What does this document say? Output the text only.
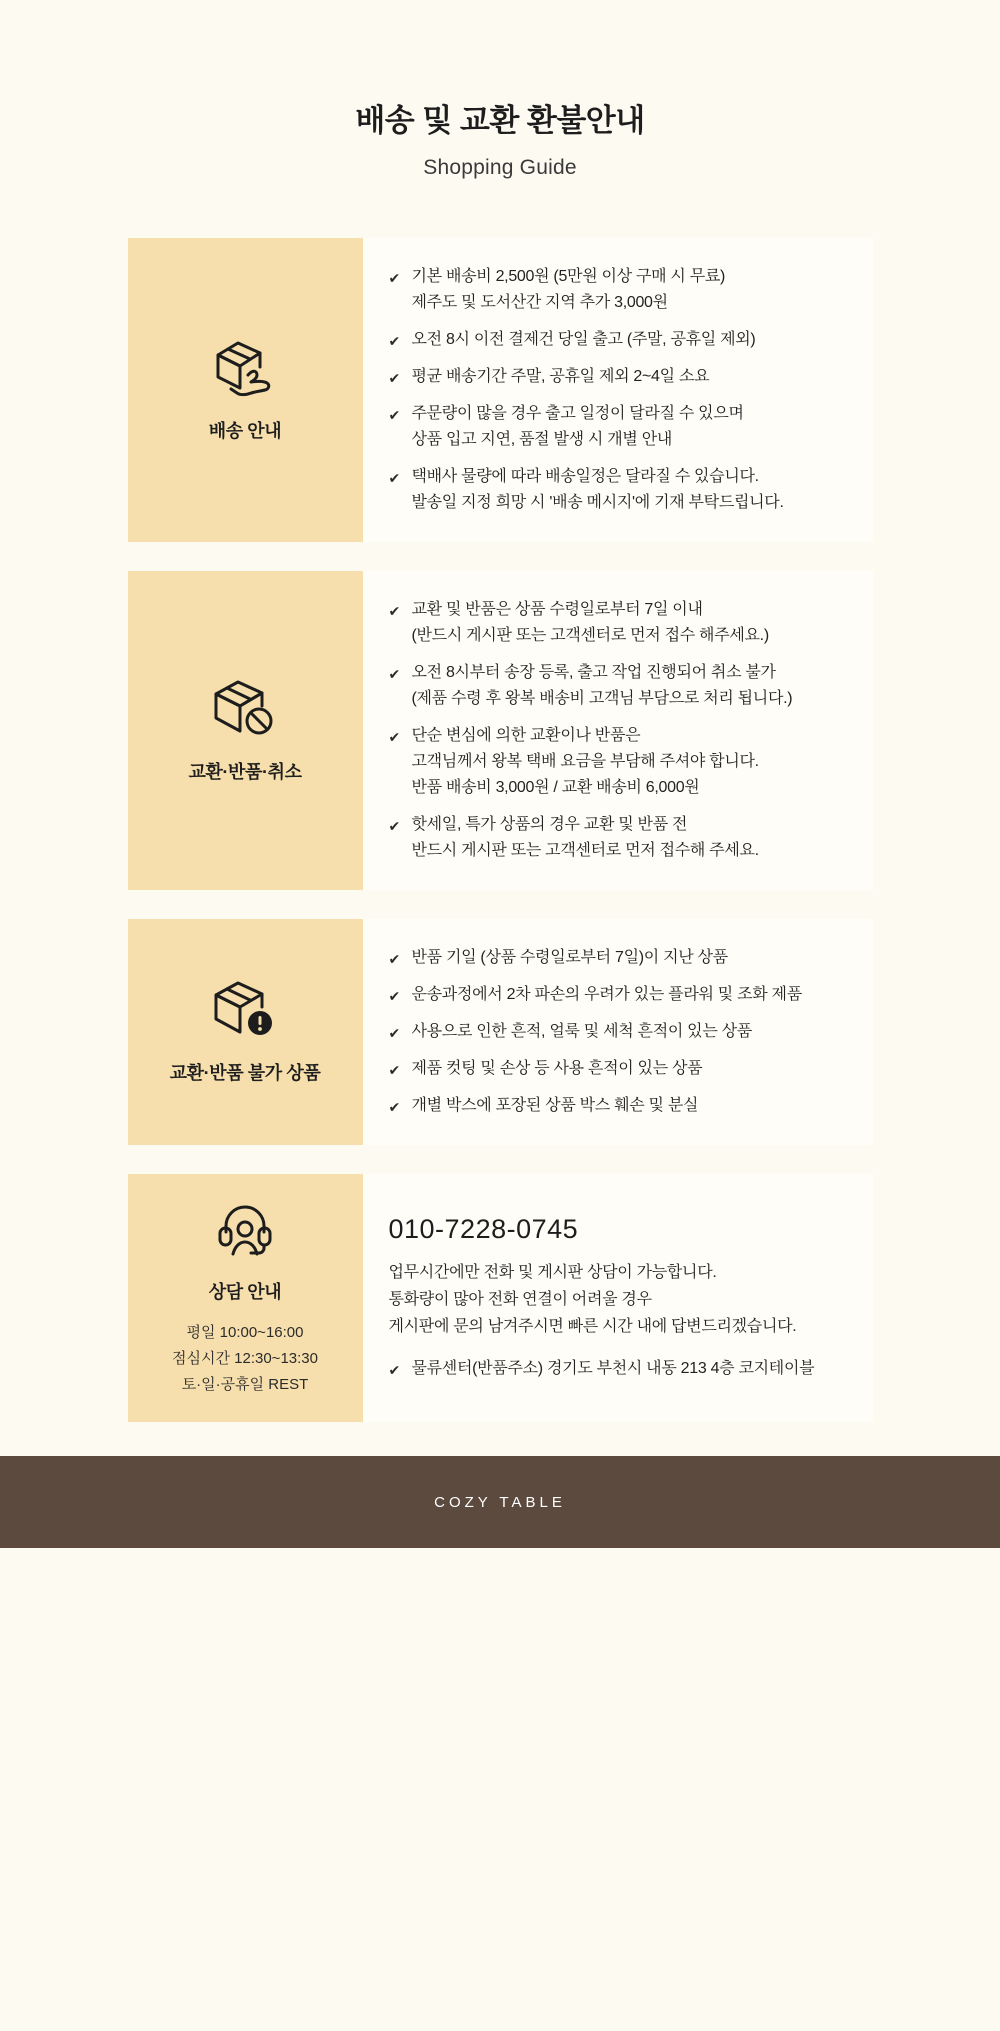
배송 및 교환 환불안내
Shopping Guide
배송 안내
✔ 기본 배송비 2,500원 (5만원 이상 구매 시 무료)
제주도 및 도서산간 지역 추가 3,000원
✔ 오전 8시 이전 결제건 당일 출고 (주말, 공휴일 제외)
✔ 평균 배송기간 주말, 공휴일 제외 2~4일 소요
✔ 주문량이 많을 경우 출고 일정이 달라질 수 있으며
상품 입고 지연, 품절 발생 시 개별 안내
✔ 택배사 물량에 따라 배송일정은 달라질 수 있습니다.
발송일 지정 희망 시 '배송 메시지'에 기재 부탁드립니다.
교환·반품·취소
✔ 교환 및 반품은 상품 수령일로부터 7일 이내
(반드시 게시판 또는 고객센터로 먼저 접수 해주세요.)
✔ 오전 8시부터 송장 등록, 출고 작업 진행되어 취소 불가
(제품 수령 후 왕복 배송비 고객님 부담으로 처리 됩니다.)
✔ 단순 변심에 의한 교환이나 반품은
고객님께서 왕복 택배 요금을 부담해 주셔야 합니다.
반품 배송비 3,000원 / 교환 배송비 6,000원
✔ 핫세일, 특가 상품의 경우 교환 및 반품 전
반드시 게시판 또는 고객센터로 먼저 접수해 주세요.
교환·반품 불가 상품
✔ 반품 기일 (상품 수령일로부터 7일)이 지난 상품
✔ 운송과정에서 2차 파손의 우려가 있는 플라워 및 조화 제품
✔ 사용으로 인한 흔적, 얼룩 및 세척 흔적이 있는 상품
✔ 제품 컷팅 및 손상 등 사용 흔적이 있는 상품
✔ 개별 박스에 포장된 상품 박스 훼손 및 분실
상담 안내
평일 10:00~16:00
점심시간 12:30~13:30
토·일·공휴일 REST
010-7228-0745
업무시간에만 전화 및 게시판 상담이 가능합니다.
통화량이 많아 전화 연결이 어려울 경우
게시판에 문의 남겨주시면 빠른 시간 내에 답변드리겠습니다.
✔ 물류센터(반품주소) 경기도 부천시 내동 213 4층 코지테이블
COZY TABLE
